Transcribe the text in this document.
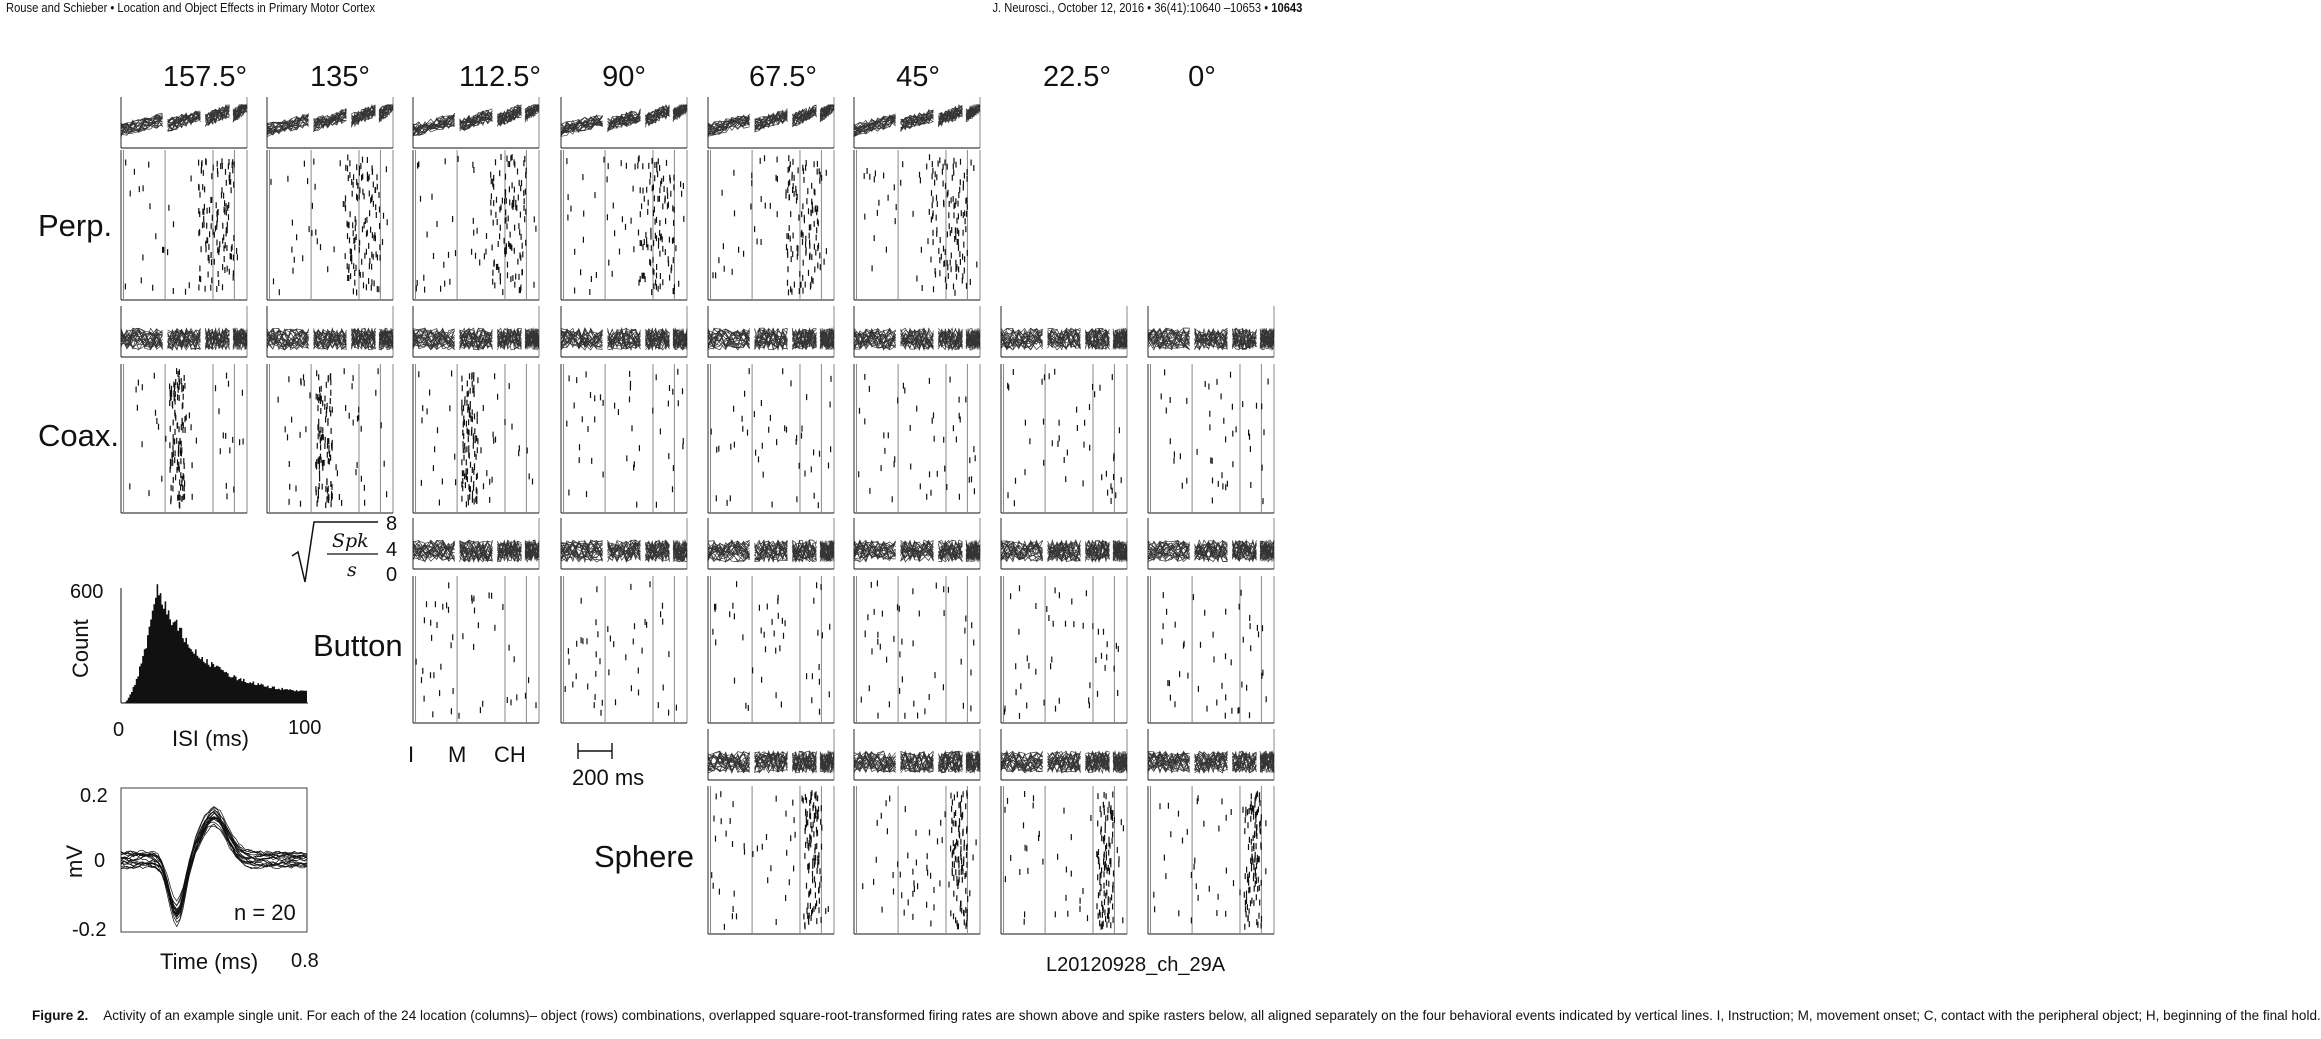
Rouse and Schieber • Location and Object Effects in Primary Motor Cortex	J. Neurosci., October 12, 2016 • 36(41):10640 –10653 • 10643
157.5° 135°	112.5° 90°	67.5°	45°	22.5°	0°
Perp.
Coax.
Button
Sphere
Spk
s
8
4
0
I M CH
200 ms
600
Count
0	100
ISI (ms)
0.2
0
-0.2
mV
n = 20
Time (ms) 0.8	L20120928_ch_29A
Figure 2. Activity of an example single unit. For each of the 24 location (columns)– object (rows) combinations, overlapped square-root-transformed firing rates are shown above and spike rasters below, all aligned separately on the four behavioral events indicated by vertical lines. I, Instruction; M, movement onset; C, contact with the peripheral object; H, beginning of the final hold.
